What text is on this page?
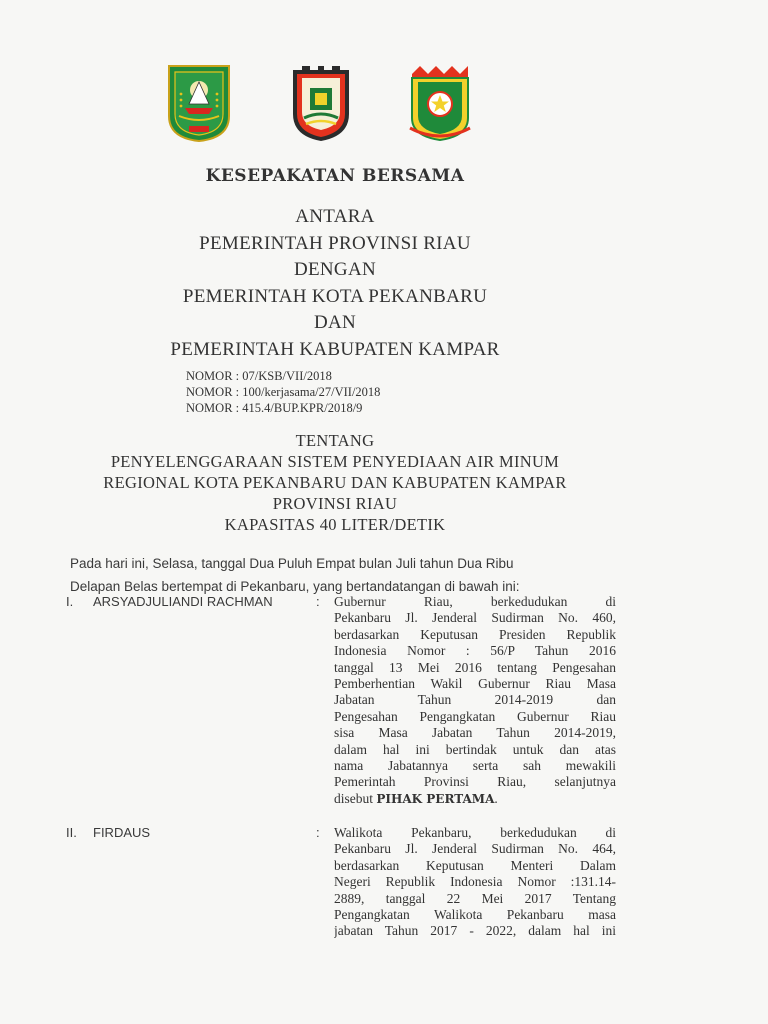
KESEPAKATAN BERSAMA
ANTARA
PEMERINTAH PROVINSI RIAU
DENGAN
PEMERINTAH KOTA PEKANBARU
DAN
PEMERINTAH KABUPATEN KAMPAR
NOMOR : 07/KSB/VII/2018
NOMOR : 100/kerjasama/27/VII/2018
NOMOR : 415.4/BUP.KPR/2018/9
TENTANG
PENYELENGGARAAN SISTEM PENYEDIAAN AIR MINUM
REGIONAL KOTA PEKANBARU DAN KABUPATEN KAMPAR
PROVINSI RIAU
KAPASITAS 40 LITER/DETIK
Pada hari ini, Selasa, tanggal Dua Puluh Empat bulan Juli tahun Dua Ribu
Delapan Belas bertempat di Pekanbaru, yang bertandatangan di bawah ini:
I. ARSYADJULIANDI RACHMAN	: Gubernur Riau, berkedudukan di
Pekanbaru Jl. Jenderal Sudirman No. 460,
berdasarkan Keputusan Presiden Republik
Indonesia Nomor : 56/P Tahun 2016
tanggal 13 Mei 2016 tentang Pengesahan
Pemberhentian Wakil Gubernur Riau Masa
Jabatan Tahun 2014-2019 dan
Pengesahan Pengangkatan Gubernur Riau
sisa Masa Jabatan Tahun 2014-2019,
dalam hal ini bertindak untuk dan atas
nama Jabatannya serta sah mewakili
Pemerintah Provinsi Riau, selanjutnya
disebut PIHAK PERTAMA.
II. FIRDAUS	: Walikota Pekanbaru, berkedudukan di
Pekanbaru Jl. Jenderal Sudirman No. 464,
berdasarkan Keputusan Menteri Dalam
Negeri Republik Indonesia Nomor :131.14-
2889, tanggal 22 Mei 2017 Tentang
Pengangkatan Walikota Pekanbaru masa
jabatan Tahun 2017 - 2022, dalam hal ini
